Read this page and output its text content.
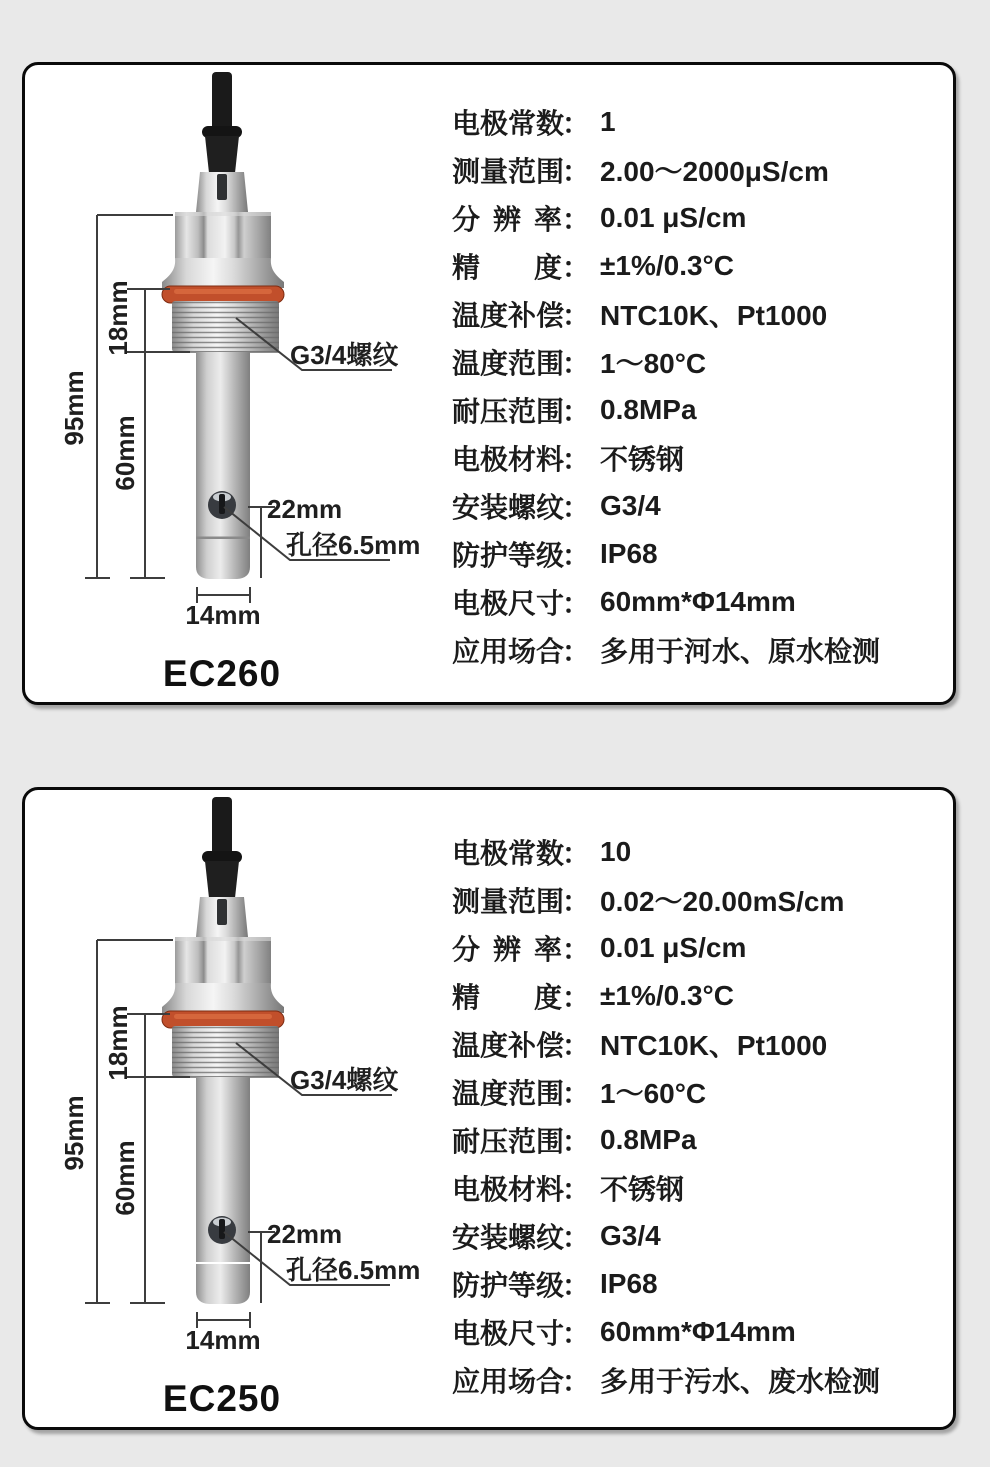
95mm
18mm
60mm
22mm
孔径6.5mm
14mm
G3/4螺纹
电极常数
： 1
测量范围
： 2.00～2000μS/cm
分辨率 ： 0.01 μS/cm
精度 ： ±1%/0.3°C
温度补偿
： NTC10K、Pt1000
温度范围
： 1～80°C
耐压范围
： 0.8MPa
电极材料
： 不锈钢
安装螺纹
： G3/4
防护等级
： IP68
电极尺寸
： 60mm*Φ14mm
应用场合
： 多用于河水、原水检测
EC260
95mm
18mm
60mm
22mm
孔径6.5mm
14mm
G3/4螺纹
电极常数
： 10
测量范围
： 0.02～20.00mS/cm
分辨率 ： 0.01 μS/cm
精度 ： ±1%/0.3°C
温度补偿
： NTC10K、Pt1000
温度范围
： 1～60°C
耐压范围
： 0.8MPa
电极材料
： 不锈钢
安装螺纹
： G3/4
防护等级
： IP68
电极尺寸
： 60mm*Φ14mm
应用场合
： 多用于污水、废水检测
EC250
